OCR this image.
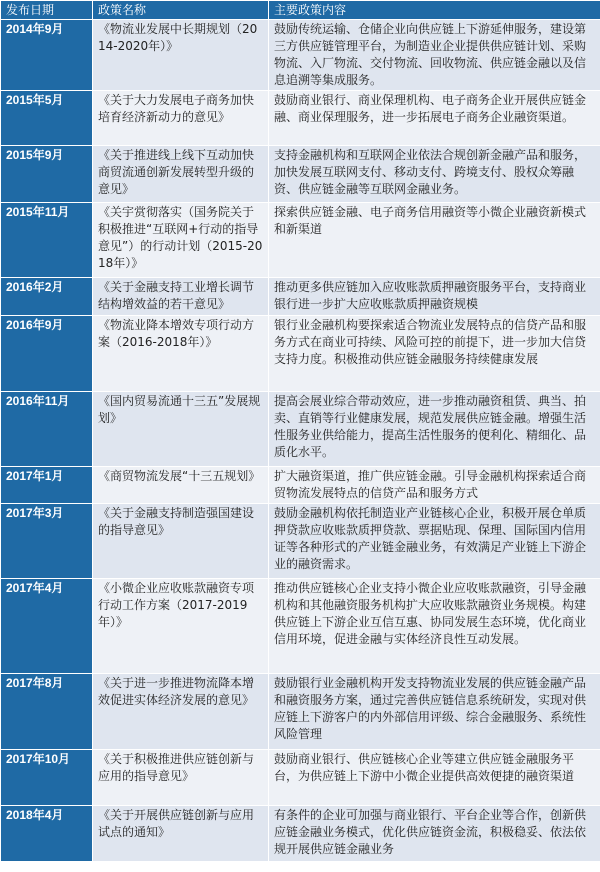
发布日期	政策名称	主要政策内容
2014年9月	《物流业发展中长期规划（2014-2020年）》	鼓励传统运输、仓储企业向供应链上下游延伸服务，建设第三方供应链管理平台，为制造业企业提供供应链计划、采购物流、入厂物流、交付物流、回收物流、供应链金融以及信息追溯等集成服务。
2015年5月	《关于大力发展电子商务加快培育经济新动力的意见》	鼓励商业银行、商业保理机构、电子商务企业开展供应链金融、商业保理服务，进一步拓展电子商务企业融资渠道。
2015年9月	《关于推进线上线下互动加快商贸流通创新发展转型升级的意见》	支持金融机构和互联网企业依法合规创新金融产品和服务，加快发展互联网支付、移动支付、跨境支付、股权众筹融资、供应链金融等互联网金融业务。
2015年11月	《关宇赏彻落实（国务院关于积极推进“互联网+行动的指导意见”）的行动计划（2015-2018年）》	探索供应链金融、电子商务信用融资等小微企业融资新模式和新渠道
2016年2月	《关于金融支持工业增长调节结构增效益的若干意见》	推动更多供应链加入应收账款质押融资服务平台，支持商业银行进一步扩大应收账款质押融资规模
2016年9月	《物流业降本增效专项行动方案（2016-2018年）》	银行业金融机构要探索适合物流业发展特点的信贷产品和服务方式在商业可持续、风险可控的前提下，进一步加大信贷支持力度。积极推动供应链金融服务持续健康发展
2016年11月	《国内贸易流通十三五”发展规划》	提高会展业综合带动效应，进一步推动融资租赁、典当、拍卖、直销等行业健康发展，规范发展供应链金融。增强生活性服务业供给能力，提高生活性服务的便利化、精细化、品质化水平。
2017年1月	《商贸物流发展“十三五规划》	扩大融资渠道，推广供应链金融。引导金融机构探索适合商贸物流发展特点的信贷产品和服务方式
2017年3月	《关于金融支持制造强国建设的指导意见》	鼓励金融机构依托制造业产业链核心企业，积极开展仓单质押贷款应收账款质押贷款、票据贴现、保理、国际国内信用证等各种形式的产业链金融业务，有效满足产业链上下游企业的融资需求。
2017年4月	《小微企业应收账款融资专项行动工作方案（2017-2019年）》	推动供应链核心企业支持小微企业应收账款融资，引导金融机构和其他融资服务机构扩大应收账款融资业务规模。构建供应链上下游企业互信互惠、协同发展生态环境，优化商业信用环境，促进金融与实体经济良性互动发展。
2017年8月	《关于进一步推进物流降本增效促进实体经济发展的意见》	鼓励银行业金融机构开发支持物流业发展的供应链金融产品和融资服务方案，通过完善供应链信息系统研发，实现对供应链上下游客户的内外部信用评级、综合金融服务、系统性风险管理
2017年10月	《关于积极推进供应链创新与应用的指导意见》	鼓励商业银行、供应链核心企业等建立供应链金融服务平台，为供应链上下游中小微企业提供高效便捷的融资渠道
2018年4月	《关于开展供应链创新与应用试点的通知》	有条件的企业可加强与商业银行、平台企业等合作，创新供应链金融业务模式，优化供应链资金流，积极稳妥、依法依规开展供应链金融业务
